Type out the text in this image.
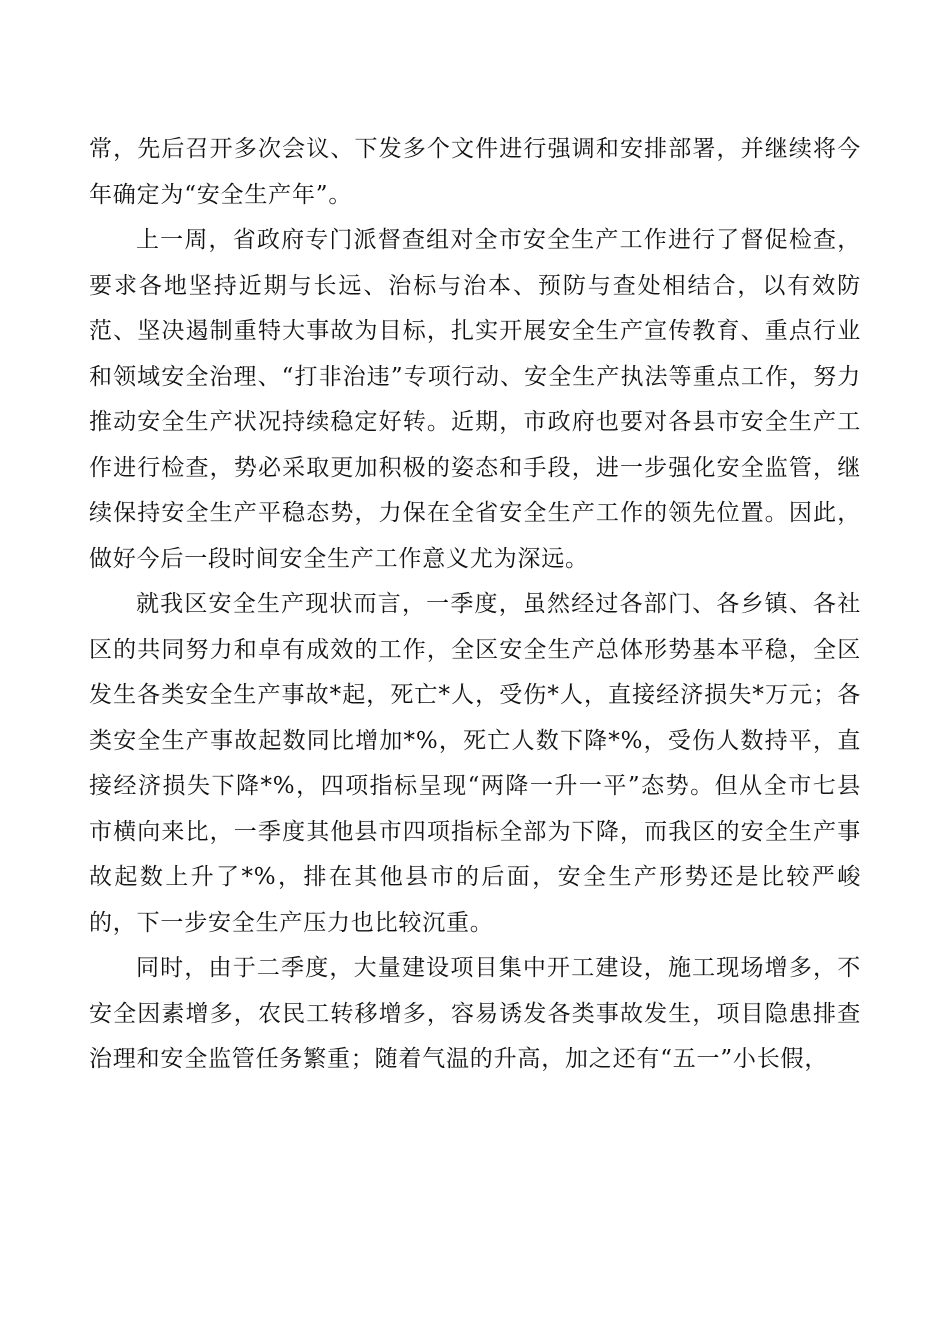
常，先后召开多次会议、下发多个文件进行强调和安排部署，并继续将今年确定为“安全生产年”。

上一周，省政府专门派督查组对全市安全生产工作进行了督促检查，要求各地坚持近期与长远、治标与治本、预防与查处相结合，以有效防范、坚决遏制重特大事故为目标，扎实开展安全生产宣传教育、重点行业和领域安全治理、“打非治违”专项行动、安全生产执法等重点工作，努力推动安全生产状况持续稳定好转。近期，市政府也要对各县市安全生产工作进行检查，势必采取更加积极的姿态和手段，进一步强化安全监管，继续保持安全生产平稳态势，力保在全省安全生产工作的领先位置。因此，做好今后一段时间安全生产工作意义尤为深远。

就我区安全生产现状而言，一季度，虽然经过各部门、各乡镇、各社区的共同努力和卓有成效的工作，全区安全生产总体形势基本平稳，全区发生各类安全生产事故*起，死亡*人，受伤*人，直接经济损失*万元；各类安全生产事故起数同比增加*%，死亡人数下降*%，受伤人数持平，直接经济损失下降*%，四项指标呈现“两降一升一平”态势。但从全市七县市横向来比，一季度其他县市四项指标全部为下降，而我区的安全生产事故起数上升了*%，排在其他县市的后面，安全生产形势还是比较严峻的，下一步安全生产压力也比较沉重。

同时，由于二季度，大量建设项目集中开工建设，施工现场增多，不安全因素增多，农民工转移增多，容易诱发各类事故发生，项目隐患排查治理和安全监管任务繁重；随着气温的升高，加之还有“五一”小长假，
